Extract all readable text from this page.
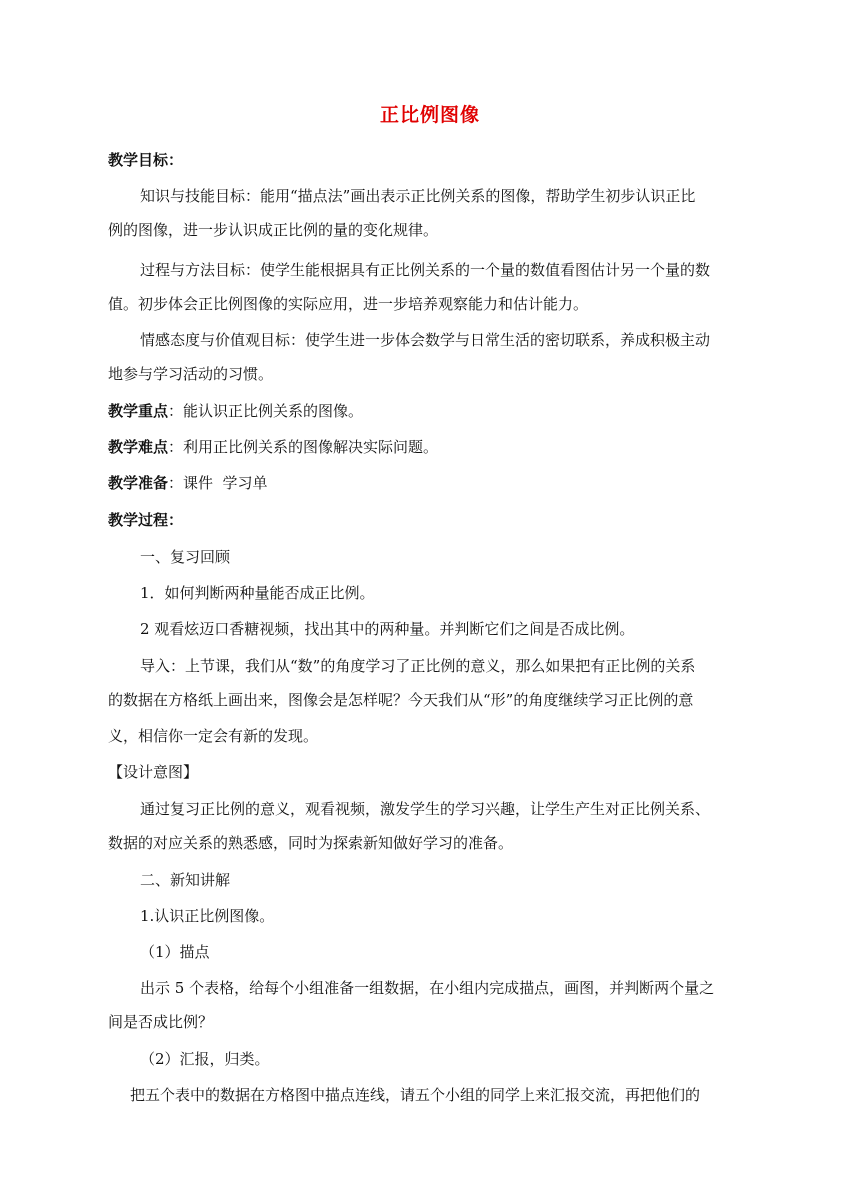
正比例图像
教学目标：
知识与技能目标：能用“描点法”画出表示正比例关系的图像，帮助学生初步认识正比
例的图像，进一步认识成正比例的量的变化规律。
过程与方法目标：使学生能根据具有正比例关系的一个量的数值看图估计另一个量的数
值。初步体会正比例图像的实际应用，进一步培养观察能力和估计能力。
情感态度与价值观目标：使学生进一步体会数学与日常生活的密切联系，养成积极主动
地参与学习活动的习惯。
教学重点：能认识正比例关系的图像。
教学难点：利用正比例关系的图像解决实际问题。
教学准备：课件  学习单
教学过程：
一、复习回顾
1．如何判断两种量能否成正比例。
2 观看炫迈口香糖视频，找出其中的两种量。并判断它们之间是否成比例。
导入：上节课，我们从“数”的角度学习了正比例的意义，那么如果把有正比例的关系
的数据在方格纸上画出来，图像会是怎样呢？今天我们从“形”的角度继续学习正比例的意
义，相信你一定会有新的发现。
【设计意图】
通过复习正比例的意义，观看视频，激发学生的学习兴趣，让学生产生对正比例关系、
数据的对应关系的熟悉感，同时为探索新知做好学习的准备。
二、新知讲解
1.认识正比例图像。
（1）描点
出示 5 个表格，给每个小组准备一组数据，在小组内完成描点，画图，并判断两个量之
间是否成比例？
（2）汇报，归类。
把五个表中的数据在方格图中描点连线，请五个小组的同学上来汇报交流，再把他们的
